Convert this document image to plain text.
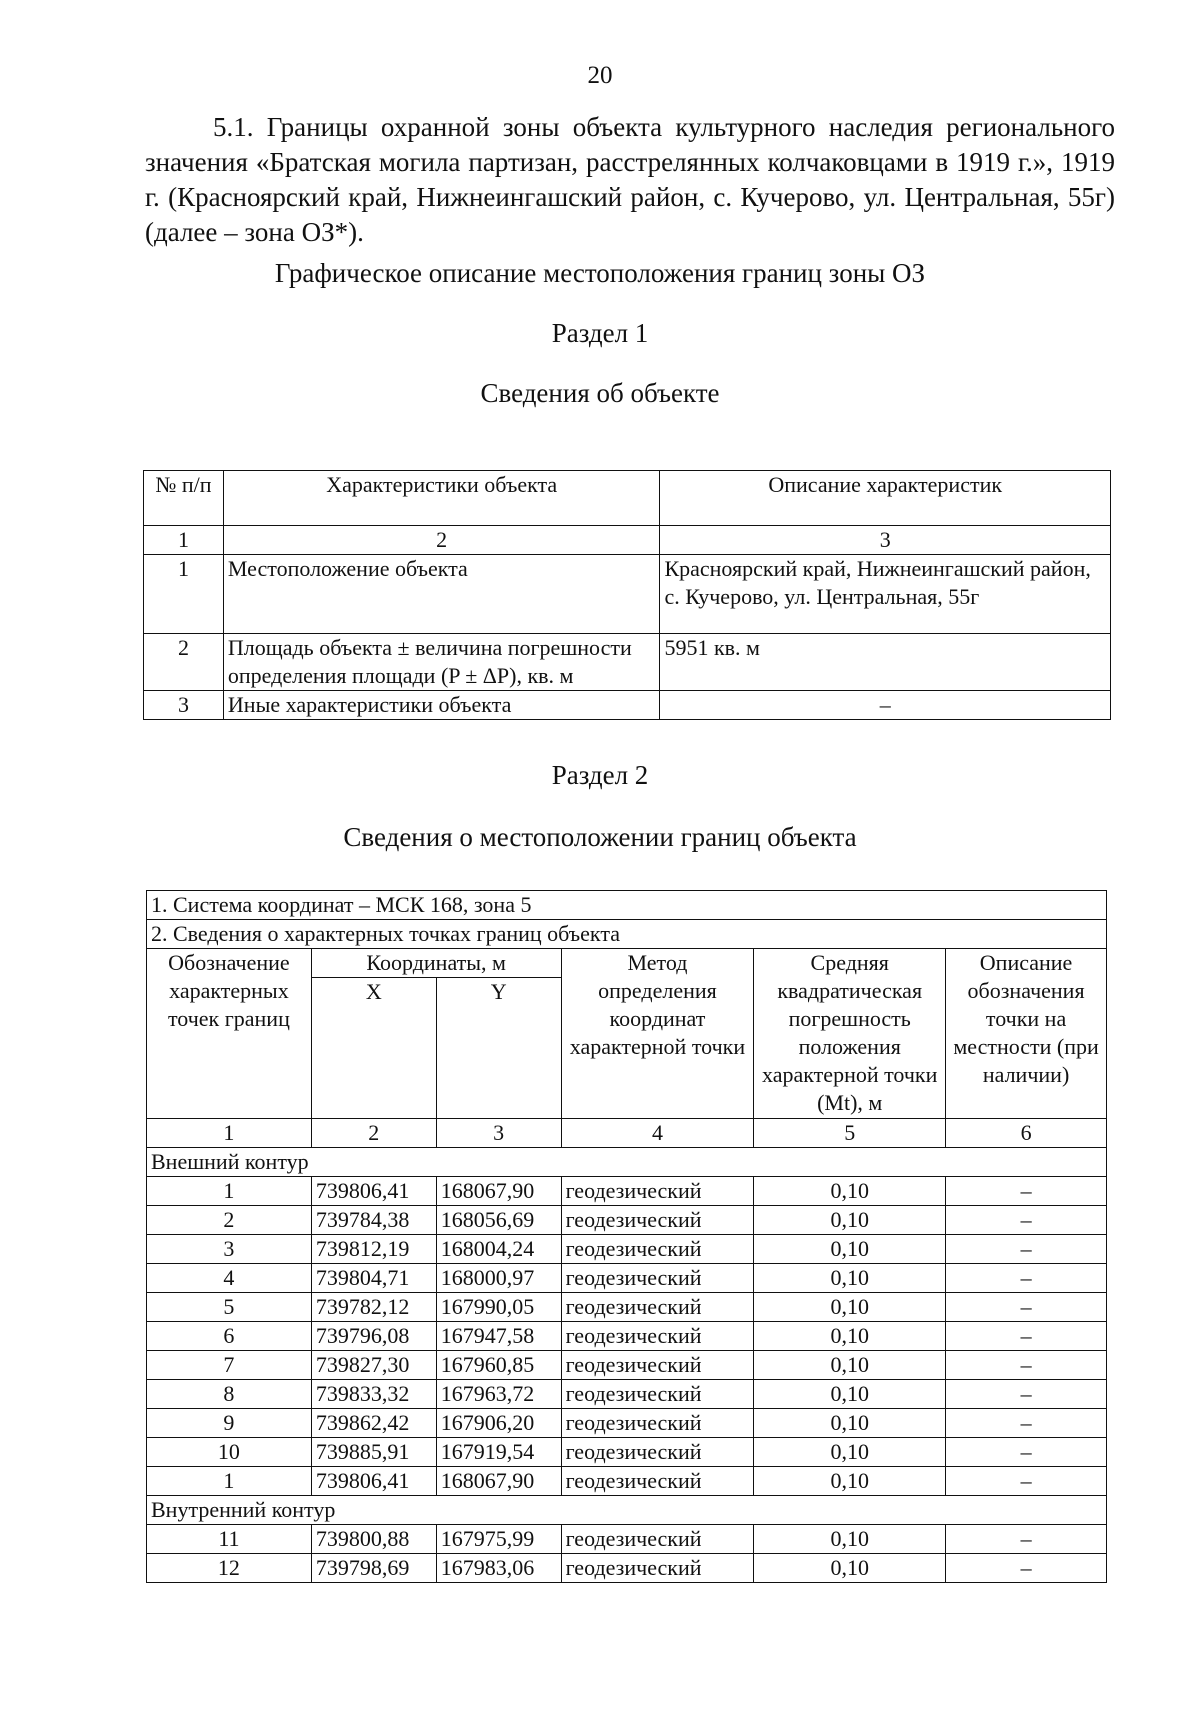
20
5.1. Границы охранной зоны объекта культурного наследия регионального значения «Братская могила партизан, расстрелянных колчаковцами в 1919 г.», 1919 г. (Красноярский край, Нижнеингашский район, с. Кучерово, ул. Центральная, 55г) (далее – зона ОЗ*).
Графическое описание местоположения границ зоны ОЗ
Раздел 1
Сведения об объекте
№ п/п	Характеристики объекта	Описание характеристик
1	2	3
1	Местоположение объекта	Красноярский край, Нижнеингашский район, с. Кучерово, ул. Центральная, 55г
2	Площадь объекта ± величина погрешности определения площади (P ± ΔP), кв. м	5951 кв. м
3	Иные характеристики объекта	–
Раздел 2
Сведения о местоположении границ объекта
1. Система координат – МСК 168, зона 5					
2. Сведения о характерных точках границ объекта					
Обозначение характерных точек границ	Координаты, м		Метод определения координат характерной точки	Средняя квадратическая погрешность положения характерной точки (Mt), м	Описание обозначения точки на местности (при наличии)
	X	Y			
1	2	3	4	5	6
Внешний контур					
1	739806,41	168067,90	геодезический	0,10	–
2	739784,38	168056,69	геодезический	0,10	–
3	739812,19	168004,24	геодезический	0,10	–
4	739804,71	168000,97	геодезический	0,10	–
5	739782,12	167990,05	геодезический	0,10	–
6	739796,08	167947,58	геодезический	0,10	–
7	739827,30	167960,85	геодезический	0,10	–
8	739833,32	167963,72	геодезический	0,10	–
9	739862,42	167906,20	геодезический	0,10	–
10	739885,91	167919,54	геодезический	0,10	–
1	739806,41	168067,90	геодезический	0,10	–
Внутренний контур					
11	739800,88	167975,99	геодезический	0,10	–
12	739798,69	167983,06	геодезический	0,10	–
